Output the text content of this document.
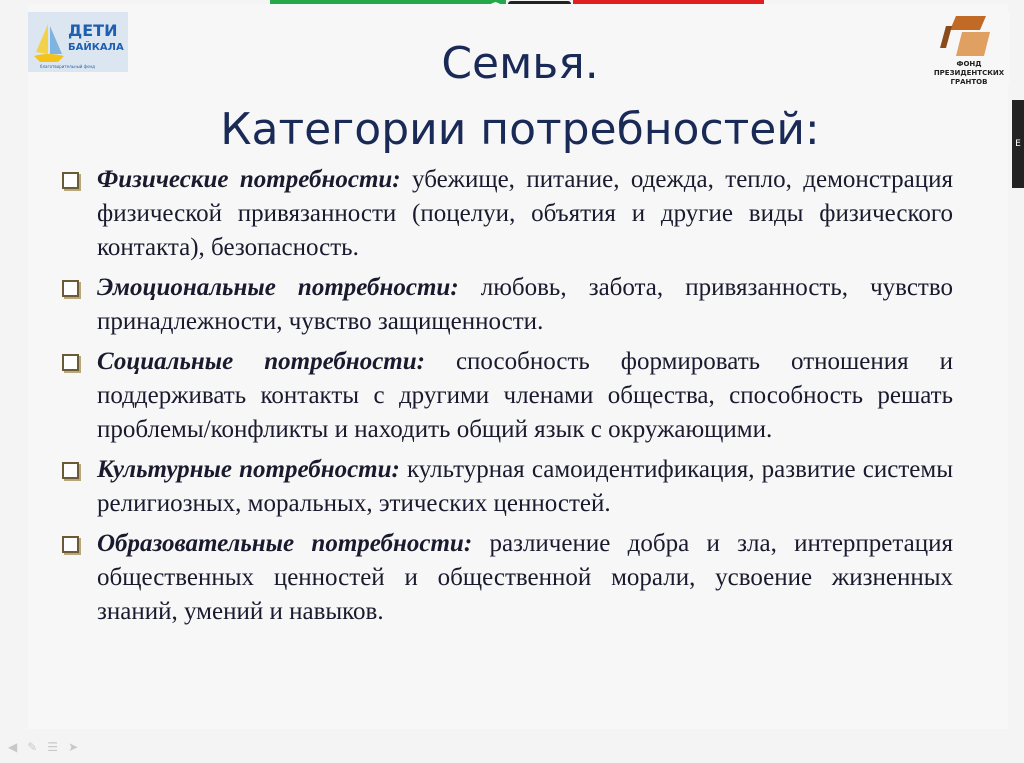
ДЕТИ
БАЙКАЛА
благотворительный фонд	ФОНД
ПРЕЗИДЕНТСКИХ
ГРАНТОВ
Семья.
Категории потребностей:
Физические потребности: убежище, питание, одежда, тепло, демонстрация физической привязанности (поцелуи, объятия и другие виды физического контакта), безопасность.
Эмоциональные потребности: любовь, забота, привязанность, чувство принадлежности, чувство защищенности.
Социальные потребности: способность формировать отношения и поддерживать контакты с другими членами общества, способность решать проблемы/конфликты и находить общий язык с окружающими.
Культурные потребности: культурная самоидентификация, развитие системы религиозных, моральных, этических ценностей.
Образовательные потребности: различение добра и зла, интерпретация общественных ценностей и общественной морали, усвоение жизненных знаний, умений и навыков.
E
◀ ✎ ☰ ➤
